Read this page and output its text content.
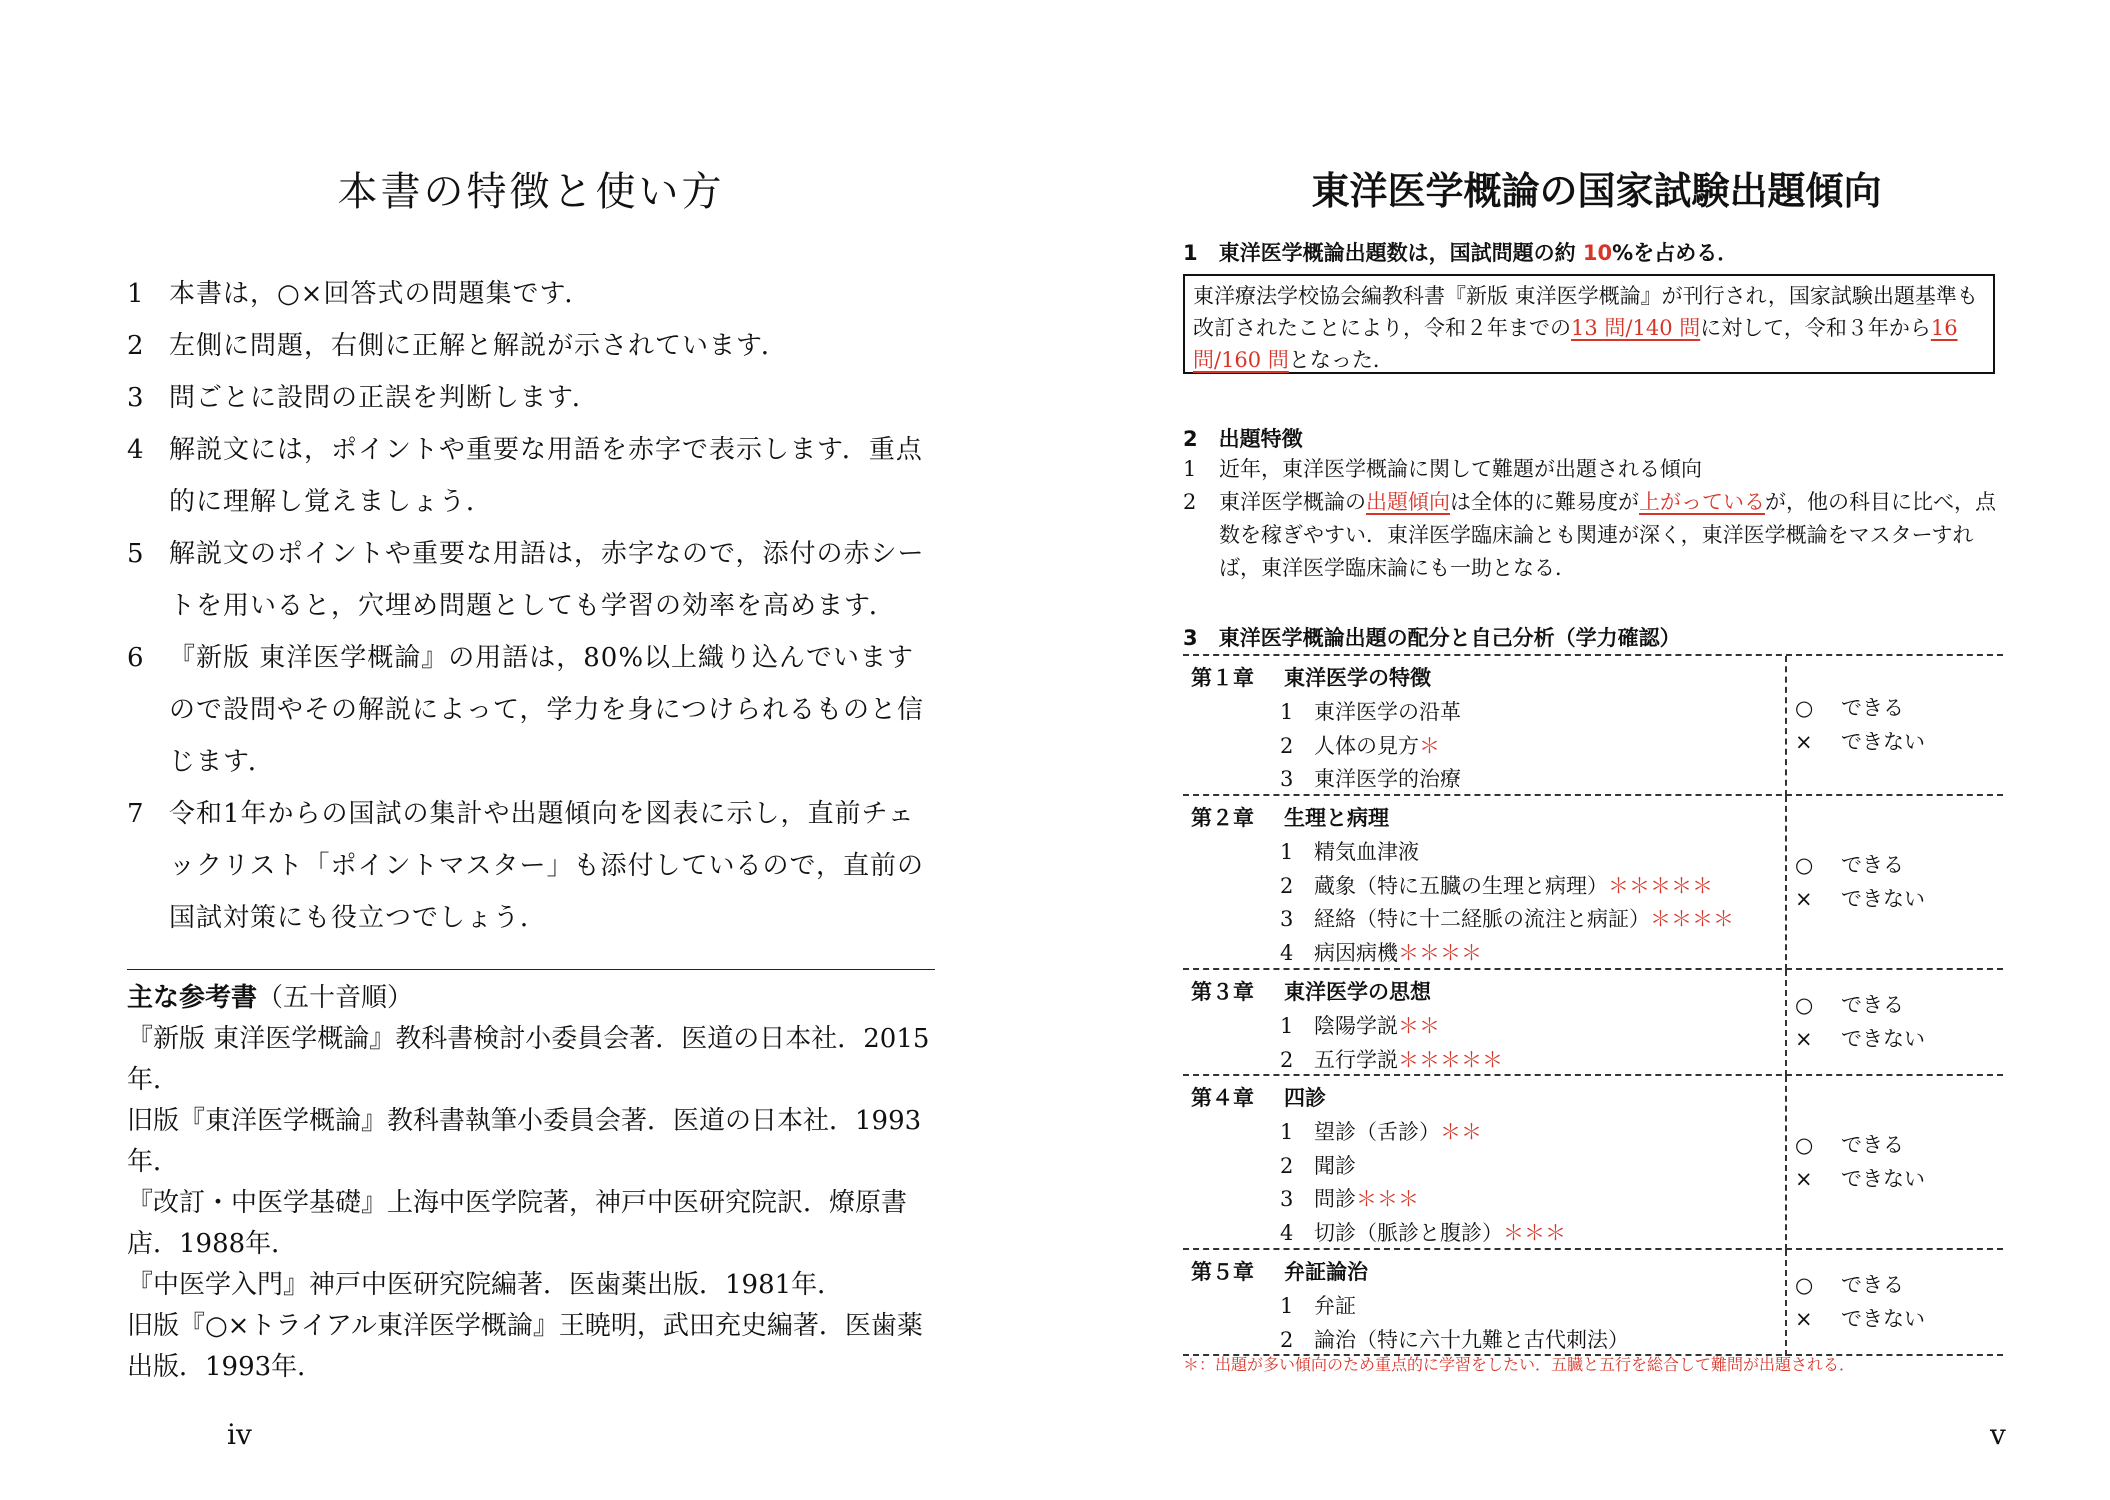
本書の特徴と使い方
1 本書は，○×回答式の問題集です．
2 左側に問題，右側に正解と解説が示されています．
3 問ごとに設問の正誤を判断します．
4 解説文には，ポイントや重要な用語を赤字で表示します．重点的に理解し覚えましょう．
5 解説文のポイントや重要な用語は，赤字なので，添付の赤シートを用いると，穴埋め問題としても学習の効率を高めます．
6 『新版 東洋医学概論』の用語は，80%以上織り込んでいますので設問やその解説によって，学力を身につけられるものと信じます．
7 令和1年からの国試の集計や出題傾向を図表に示し，直前チェックリスト「ポイントマスター」も添付しているので，直前の国試対策にも役立つでしょう．

主な参考書（五十音順）

『新版 東洋医学概論』教科書検討小委員会著．医道の日本社．2015年．

旧版『東洋医学概論』教科書執筆小委員会著．医道の日本社．1993年．

『改訂・中医学基礎』上海中医学院著，神戸中医研究院訳．燎原書店．1988年．

『中医学入門』神戸中医研究院編著．医歯薬出版．1981年．

旧版『○×トライアル東洋医学概論』王暁明，武田充史編著．医歯薬出版．1993年．

iv
東洋医学概論の国家試験出題傾向
1　東洋医学概論出題数は，国試問題の約 10%を占める．
東洋療法学校協会編教科書『新版 東洋医学概論』が刊行され，国家試験出題基準も改訂されたことにより，令和２年までの13 問/140 問に対して，令和３年から16 問/160 問となった．
2　出題特徴
1	近年，東洋医学概論に関して難題が出題される傾向
2	東洋医学概論の出題傾向は全体的に難易度が上がっているが，他の科目に比べ，点数を稼ぎやすい．東洋医学臨床論とも関連が深く，東洋医学概論をマスターすれば，東洋医学臨床論にも一助となる．
3　東洋医学概論出題の配分と自己分析（学力確認）
第１章 東洋医学の特徴
1 東洋医学の沿革
2 人体の見方＊
3 東洋医学的治療
○ できる
× できない
第２章 生理と病理
1 精気血津液
2 蔵象（特に五臓の生理と病理）＊＊＊＊＊
3 経絡（特に十二経脈の流注と病証）＊＊＊＊
4 病因病機＊＊＊＊
○ できる
× できない
第３章 東洋医学の思想
1 陰陽学説＊＊
2 五行学説＊＊＊＊＊
○ できる
× できない
第４章 四診
1 望診（舌診）＊＊
2 聞診
3 問診＊＊＊
4 切診（脈診と腹診）＊＊＊
○ できる
× できない
第５章 弁証論治
1 弁証
2 論治（特に六十九難と古代刺法）
○ できる
× できない
＊：出題が多い傾向のため重点的に学習をしたい．五臓と五行を総合して難問が出題される．
v
